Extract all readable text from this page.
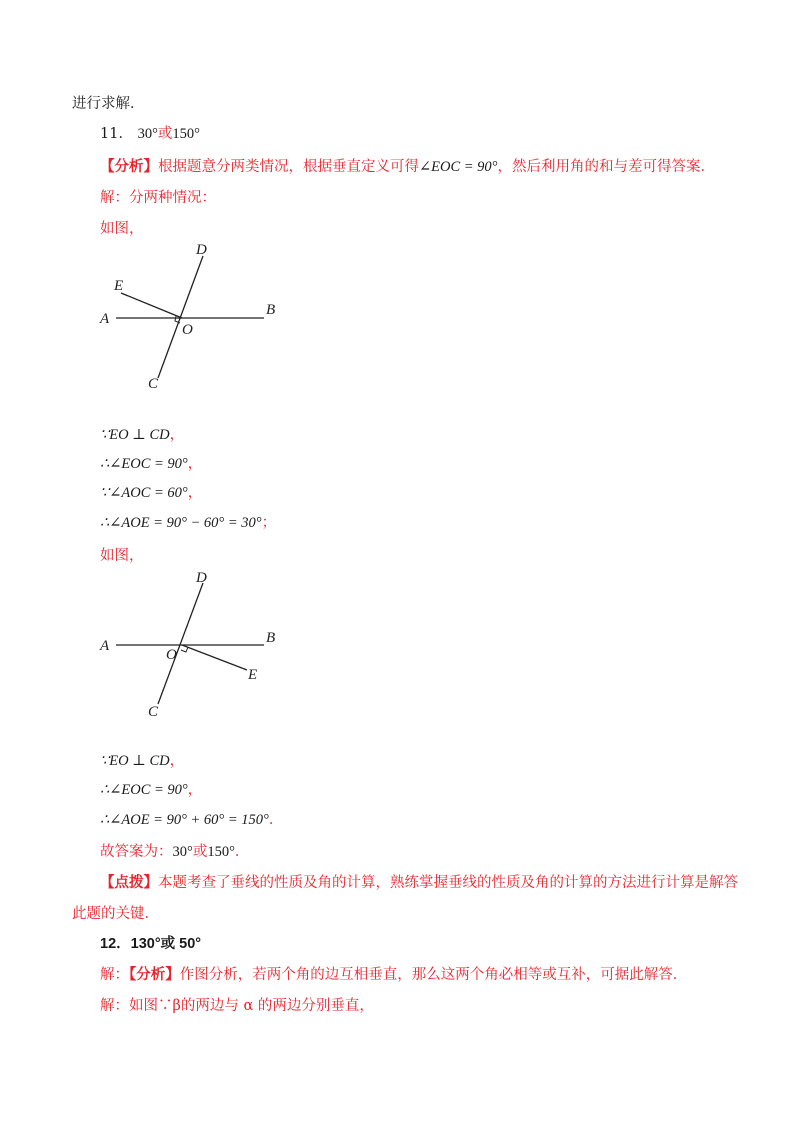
进行求解．
11． 30°或150°
【分析】根据题意分两类情况，根据垂直定义可得∠EOC = 90°，然后利用角的和与差可得答案．
解：分两种情况：
如图，
D
E
A
O
B
C
∵EO ⊥ CD，
∴∠EOC = 90°，
∵∠AOC = 60°，
∴∠AOE = 90° − 60° = 30°；
如图，
D
A	B
O
E
C
∵EO ⊥ CD，
∴∠EOC = 90°，
∴∠AOE = 90° + 60° = 150°．
故答案为：30°或150°．
【点拨】本题考查了垂线的性质及角的计算，熟练掌握垂线的性质及角的计算的方法进行计算是解答
此题的关键．
12．130°或 50°
解：【分析】作图分析，若两个角的边互相垂直，那么这两个角必相等或互补，可据此解答．
解：如图∵β的两边与 α 的两边分别垂直，
